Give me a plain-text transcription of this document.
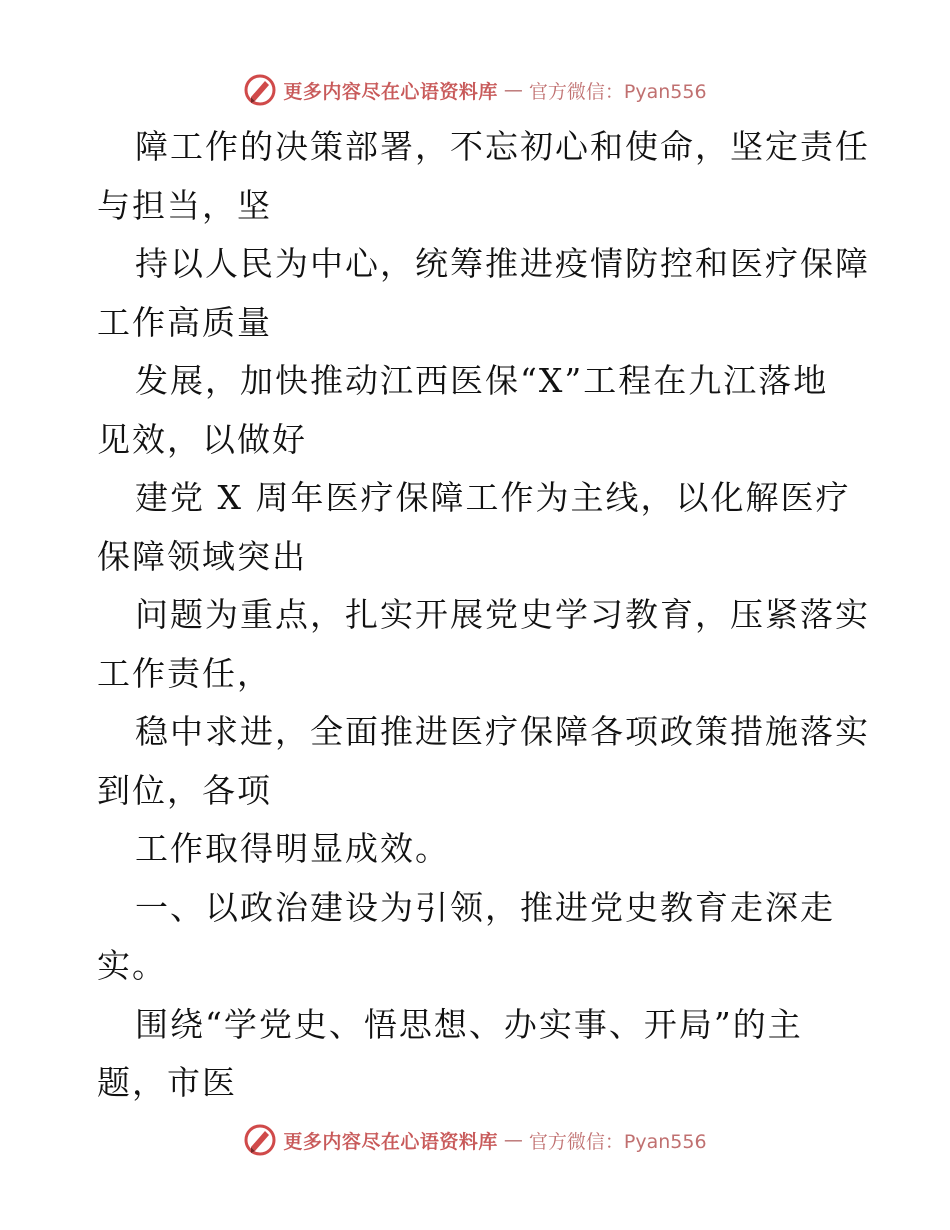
更多内容尽在心语资料库 — 官方微信：Pyan556
障工作的决策部署，不忘初心和使命，坚定责任
与担当，坚
持以人民为中心，统筹推进疫情防控和医疗保障
工作高质量
发展，加快推动江西医保“X”工程在九江落地
见效，以做好
建党 X 周年医疗保障工作为主线，以化解医疗
保障领域突出
问题为重点，扎实开展党史学习教育，压紧落实
工作责任，
稳中求进，全面推进医疗保障各项政策措施落实
到位，各项
工作取得明显成效。
一、以政治建设为引领，推进党史教育走深走
实。
围绕“学党史、悟思想、办实事、开局”的主
题，市医
更多内容尽在心语资料库 — 官方微信：Pyan556
